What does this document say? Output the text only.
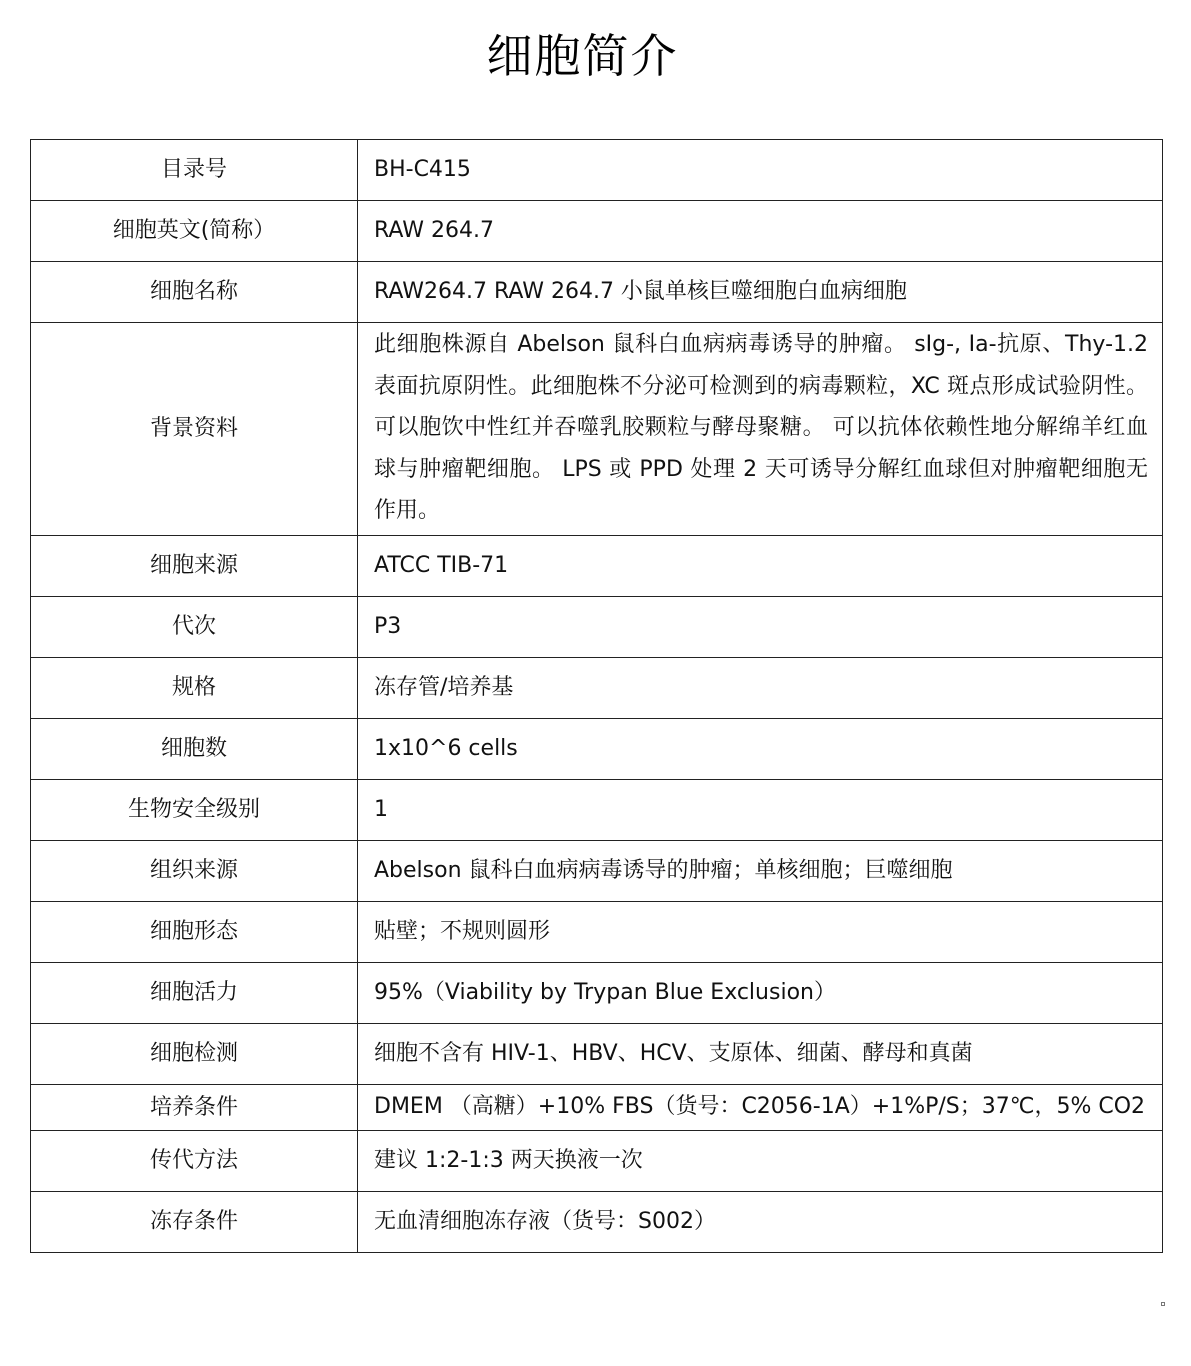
细胞简介
目录号	BH-C415
细胞英文(简称）	RAW 264.7
细胞名称	RAW264.7 RAW 264.7 小鼠单核巨噬细胞白血病细胞
背景资料	此细胞株源自 Abelson 鼠科白血病病毒诱导的肿瘤。 sIg-, Ia-抗原、Thy-1.2 表面抗原阴性。此细胞株不分泌可检测到的病毒颗粒，XC 斑点形成试验阴性。 可以胞饮中性红并吞噬乳胶颗粒与酵母聚糖。 可以抗体依赖性地分解绵羊红血球与肿瘤靶细胞。 LPS 或 PPD 处理 2 天可诱导分解红血球但对肿瘤靶细胞无作用。
细胞来源	ATCC TIB-71
代次	P3
规格	冻存管/培养基
细胞数	1x10^6 cells
生物安全级别	1
组织来源	Abelson 鼠科白血病病毒诱导的肿瘤；单核细胞；巨噬细胞
细胞形态	贴壁；不规则圆形
细胞活力	95%（Viability by Trypan Blue Exclusion）
细胞检测	细胞不含有 HIV-1、HBV、HCV、支原体、细菌、酵母和真菌
培养条件	DMEM （高糖）+10% FBS（货号：C2056-1A）+1%P/S；37℃，5% CO2
传代方法	建议 1:2-1:3 两天换液一次
冻存条件	无血清细胞冻存液（货号：S002）
